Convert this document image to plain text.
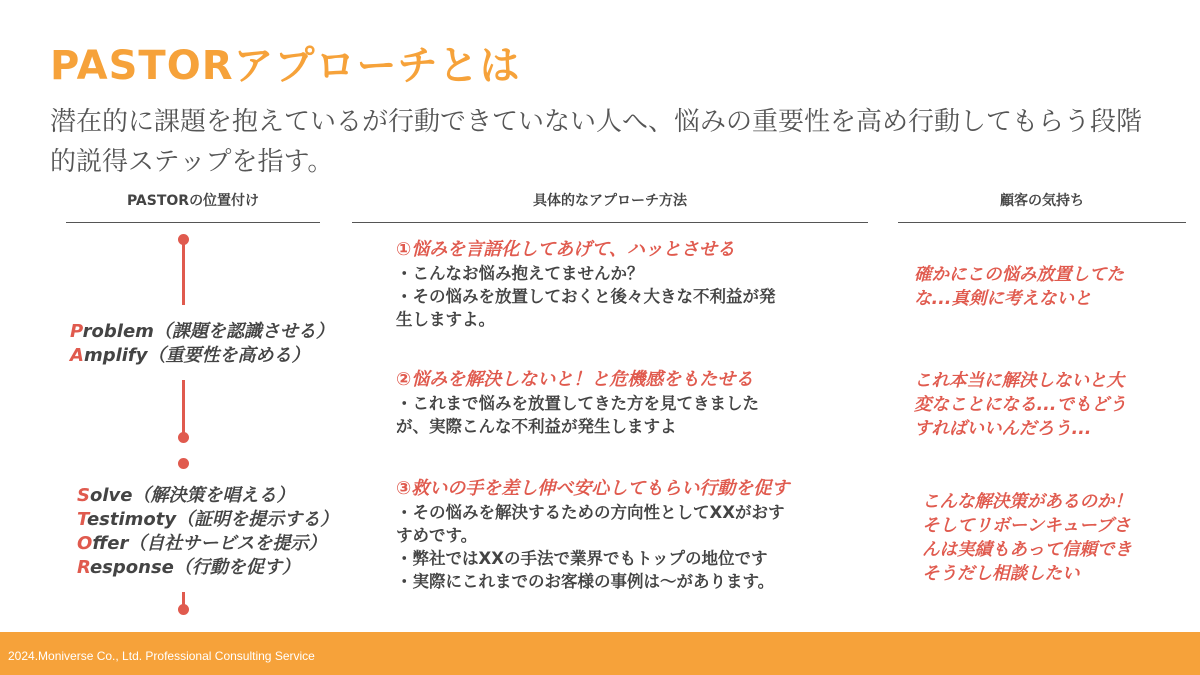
PASTORアプローチとは
潜在的に課題を抱えているが行動できていない人へ、悩みの重要性を高め行動してもらう段階的説得ステップを指す。
PASTORの位置付け	具体的なアプローチ方法	顧客の気持ち
Problem（課題を認識させる）
Amplify（重要性を高める）
Solve（解決策を唱える）
Testimoty（証明を提示する）
Offer（自社サービスを提示）
Response（行動を促す）
①悩みを言語化してあげて、ハッとさせる
・こんなお悩み抱えてませんか？
・その悩みを放置しておくと後々大きな不利益が発
生しますよ。
②悩みを解決しないと！と危機感をもたせる
・これまで悩みを放置してきた方を見てきました
が、実際こんな不利益が発生しますよ
③救いの手を差し伸べ安心してもらい行動を促す
・その悩みを解決するための方向性としてXXがおす
すめです。
・弊社ではXXの手法で業界でもトップの地位です
・実際にこれまでのお客様の事例は〜があります。
確かにこの悩み放置してた
な...真剣に考えないと
これ本当に解決しないと大
変なことになる...でもどう
すればいいんだろう...
こんな解決策があるのか！
そしてリボーンキューブさ
んは実績もあって信頼でき
そうだし相談したい
2024.Moniverse Co., Ltd. Professional Consulting Service
